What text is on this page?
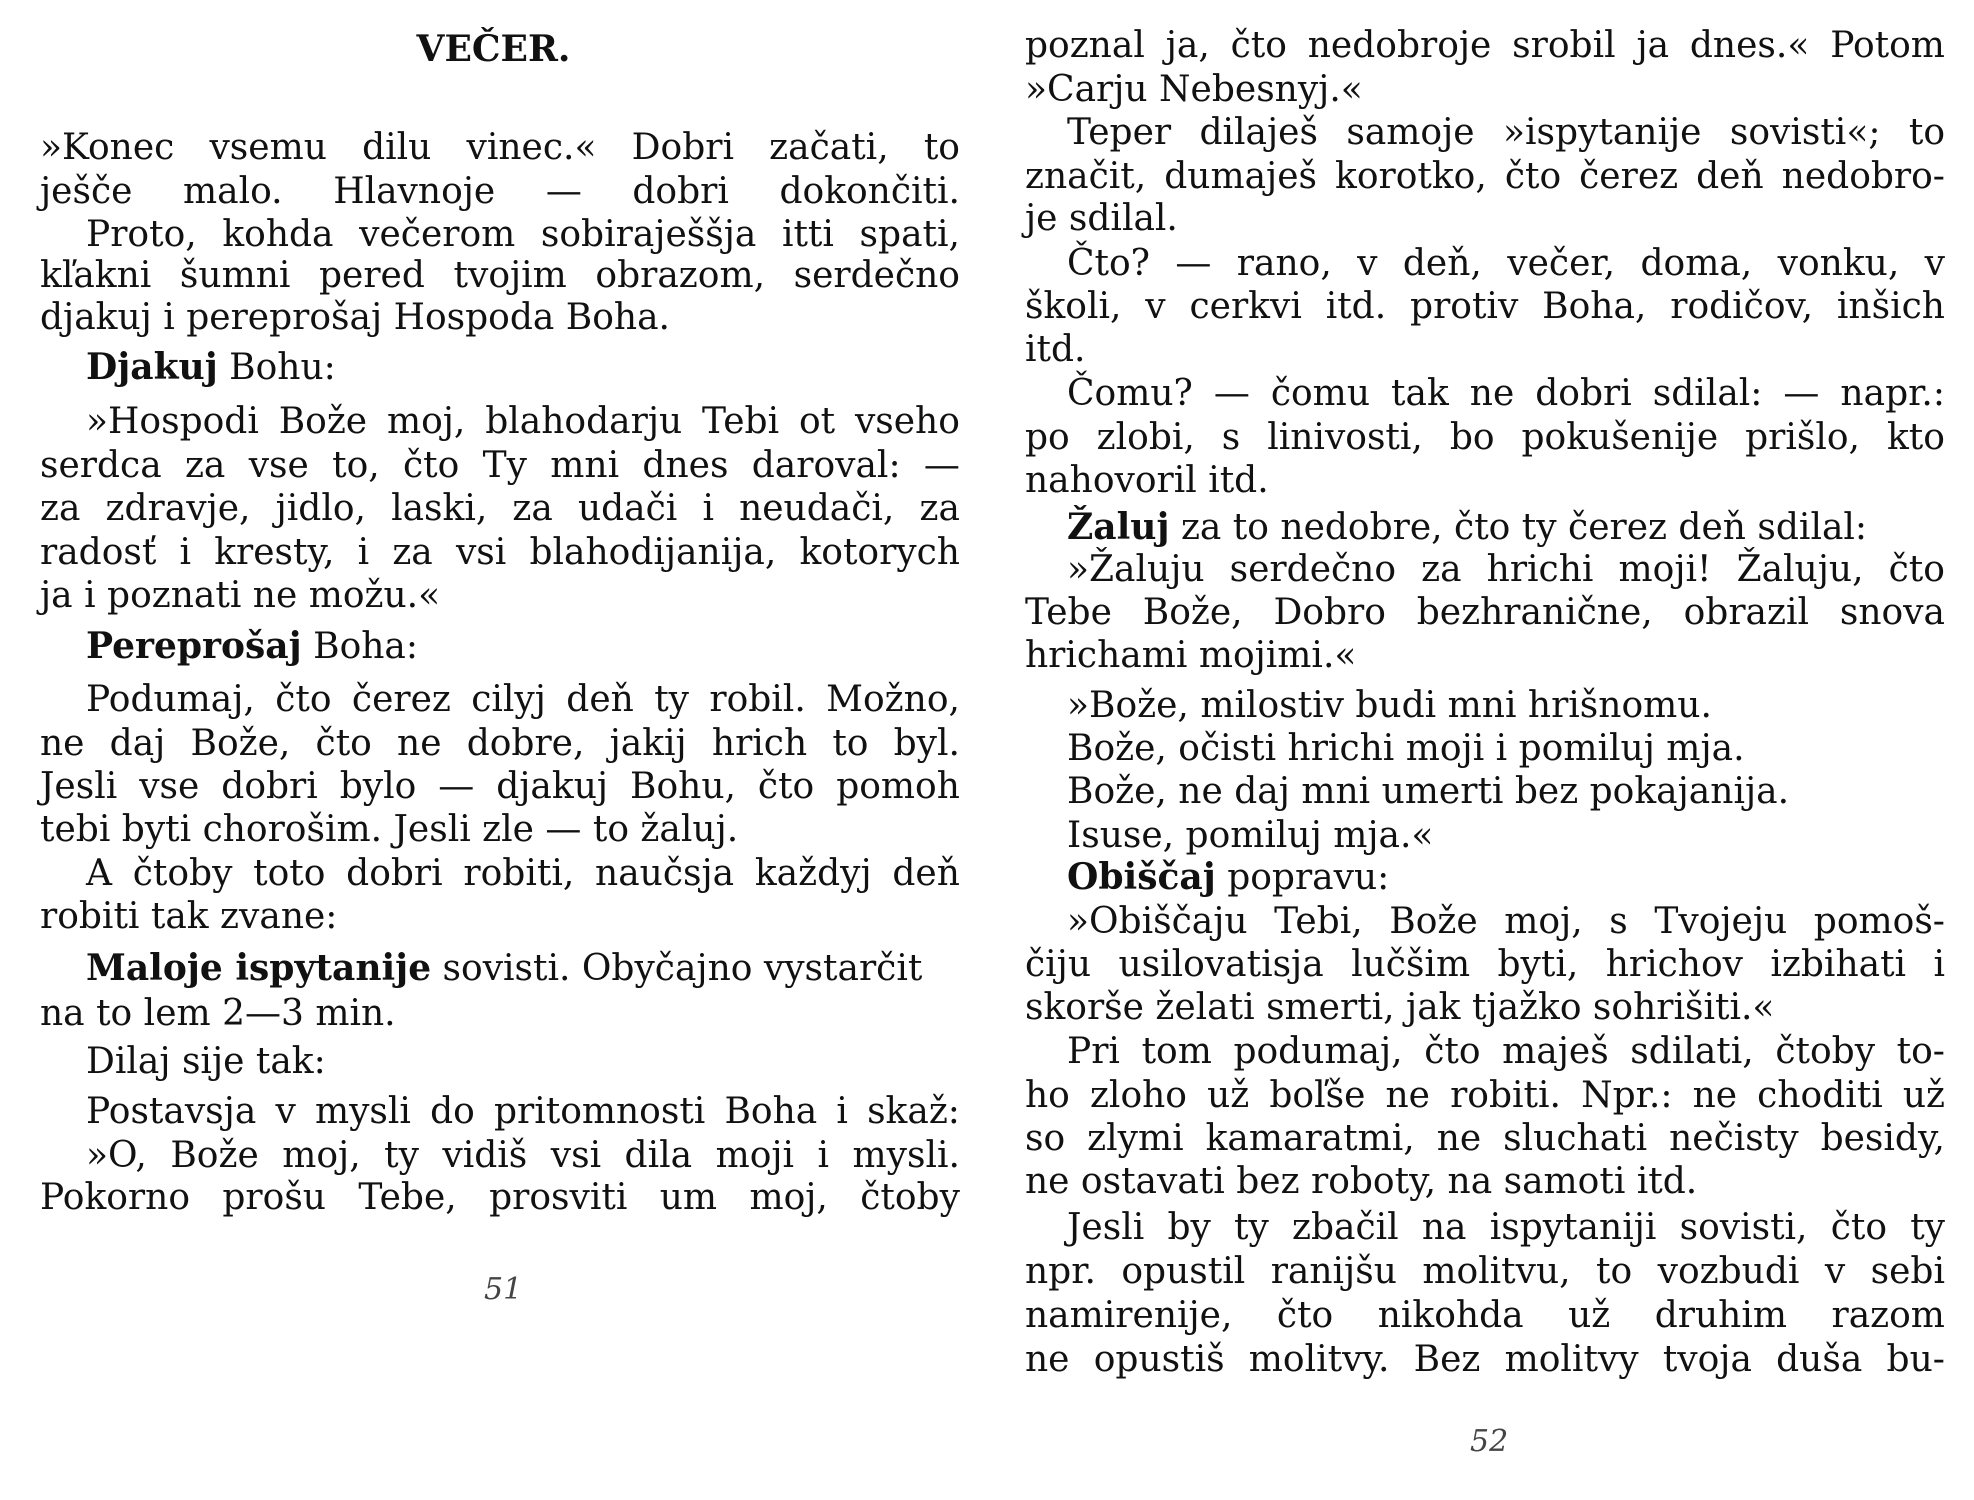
VEČER.
»Konec vsemu dilu vinec.« Dobri začati, to
ješče malo. Hlavnoje — dobri dokončiti.
Proto, kohda večerom sobiraješšja itti spati,
kľakni šumni pered tvojim obrazom, serdečno
djakuj i pereprošaj Hospoda Boha.
Djakuj Bohu:
»Hospodi Bože moj, blahodarju Tebi ot vseho
serdca za vse to, čto Ty mni dnes daroval: —
za zdravje, jidlo, laski, za udači i neudači, za
radosť i kresty, i za vsi blahodijanija, kotorych
ja i poznati ne možu.«
Pereprošaj Boha:
Podumaj, čto čerez cilyj deň ty robil. Možno,
ne daj Bože, čto ne dobre, jakij hrich to byl.
Jesli vse dobri bylo — djakuj Bohu, čto pomoh
tebi byti chorošim. Jesli zle — to žaluj.
A čtoby toto dobri robiti, naučsja každyj deň
robiti tak zvane:
Maloje ispytanije sovisti. Obyčajno vystarčit
na to lem 2—3 min.
Dilaj sije tak:
Postavsja v mysli do pritomnosti Boha i skaž:
»O, Bože moj, ty vidiš vsi dila moji i mysli.
Pokorno prošu Tebe, prosviti um moj, čtoby
51
poznal ja, čto nedobroje srobil ja dnes.« Potom
»Carju Nebesnyj.«
Teper dilaješ samoje »ispytanije sovisti«; to
značit, dumaješ korotko, čto čerez deň nedobro-
je sdilal.
Čto? — rano, v deň, večer, doma, vonku, v
školi, v cerkvi itd. protiv Boha, rodičov, inšich
itd.
Čomu? — čomu tak ne dobri sdilal: — napr.:
po zlobi, s linivosti, bo pokušenije prišlo, kto
nahovoril itd.
Žaluj za to nedobre, čto ty čerez deň sdilal:
»Žaluju serdečno za hrichi moji! Žaluju, čto
Tebe Bože, Dobro bezhranične, obrazil snova
hrichami mojimi.«
»Bože, milostiv budi mni hrišnomu.
Bože, očisti hrichi moji i pomiluj mja.
Bože, ne daj mni umerti bez pokajanija.
Isuse, pomiluj mja.«
Obiščaj popravu:
»Obiščaju Tebi, Bože moj, s Tvojeju pomoš-
čiju usilovatisja lučšim byti, hrichov izbihati i
skorše želati smerti, jak tjažko sohrišiti.«
Pri tom podumaj, čto maješ sdilati, čtoby to-
ho zloho už boľše ne robiti. Npr.: ne choditi už
so zlymi kamaratmi, ne sluchati nečisty besidy,
ne ostavati bez roboty, na samoti itd.
Jesli by ty zbačil na ispytaniji sovisti, čto ty
npr. opustil ranijšu molitvu, to vozbudi v sebi
namirenije, čto nikohda už druhim razom
ne opustiš molitvy. Bez molitvy tvoja duša bu-
52
